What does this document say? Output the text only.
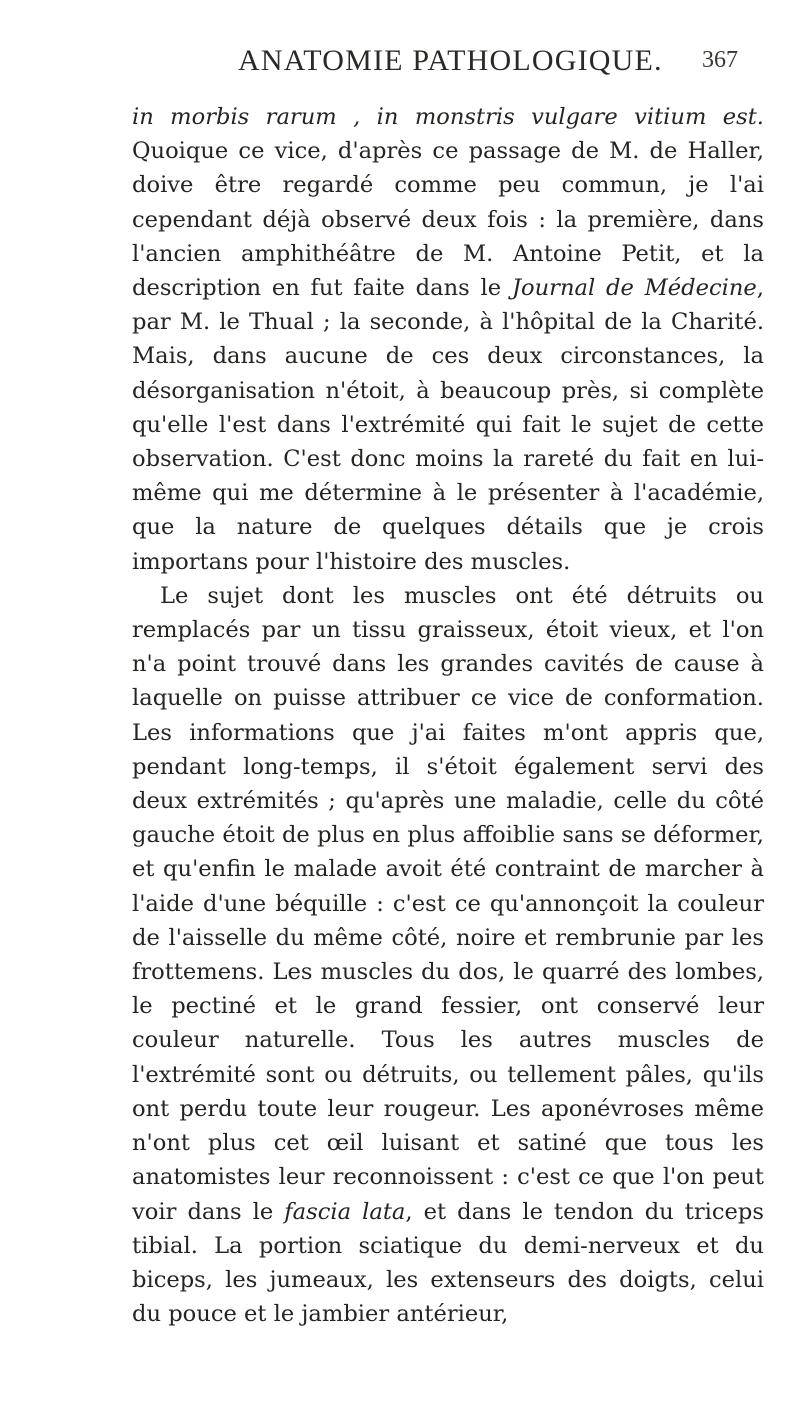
ANATOMIE PATHOLOGIQUE. 367

in morbis rarum , in monstris vulgare vitium est. Quoique ce vice, d'après ce passage de M. de Haller, doive être regardé comme peu commun, je l'ai cependant déjà observé deux fois : la première, dans l'ancien amphithéâtre de M. Antoine Petit, et la description en fut faite dans le Journal de Médecine, par M. le Thual ; la seconde, à l'hôpital de la Charité. Mais, dans aucune de ces deux circonstances, la désorganisation n'étoit, à beaucoup près, si complète qu'elle l'est dans l'extrémité qui fait le sujet de cette observation. C'est donc moins la rareté du fait en lui-même qui me détermine à le présenter à l'académie, que la nature de quelques détails que je crois importans pour l'histoire des muscles.

Le sujet dont les muscles ont été détruits ou remplacés par un tissu graisseux, étoit vieux, et l'on n'a point trouvé dans les grandes cavités de cause à laquelle on puisse attribuer ce vice de conformation. Les informations que j'ai faites m'ont appris que, pendant long-temps, il s'étoit également servi des deux extrémités ; qu'après une maladie, celle du côté gauche étoit de plus en plus affoiblie sans se déformer, et qu'enfin le malade avoit été contraint de marcher à l'aide d'une béquille : c'est ce qu'annonçoit la couleur de l'aisselle du même côté, noire et rembrunie par les frottemens. Les muscles du dos, le quarré des lombes, le pectiné et le grand fessier, ont conservé leur couleur naturelle. Tous les autres muscles de l'extrémité sont ou détruits, ou tellement pâles, qu'ils ont perdu toute leur rougeur. Les aponévroses même n'ont plus cet œil luisant et satiné que tous les anatomistes leur reconnoissent : c'est ce que l'on peut voir dans le fascia lata, et dans le tendon du triceps tibial. La portion sciatique du demi-nerveux et du biceps, les jumeaux, les extenseurs des doigts, celui du pouce et le jambier antérieur,
